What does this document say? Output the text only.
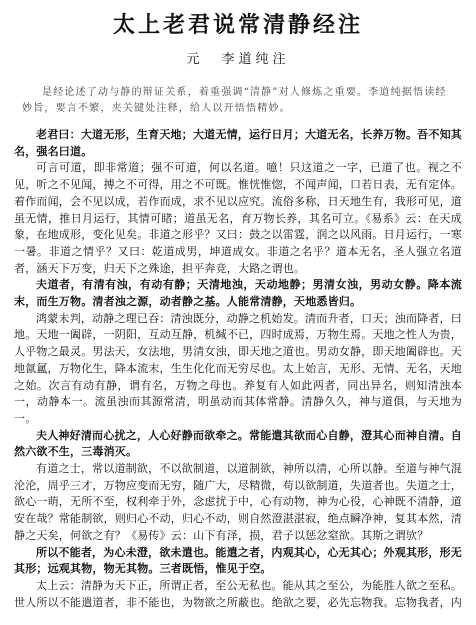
太上老君说常清静经注
元 李道纯注

是经论述了动与静的辩证关系，着重强调“清静”对人修炼之重要。李道纯据悟读经妙旨，要言不繁，夹关键处注释，给人以开悟悟精妙。

老君曰：大道无形，生育天地；大道无情，运行日月；大道无名，长养万物。吾不知其名，强名曰道。

可言可道，即非常道；强不可道，何以名道。噫！只这道之一字，已道了也。视之不见，听之不见闻，搏之不可得，用之不可既。惟恍惟惚，不闻声闻，口若日表，无有定体。着作而闻，会不见以成，若作而成，求不见以应究。流俗多称，日天地生有，我形可见，道虽无情，推日月运行，其情可睹；道虽无名，育万物长养，其名可立。《易系》云：在天成象，在地成形，变化见矣。非道之形乎？又曰：鼓之以雷霆，润之以风雨。日月运行，一寒一暑。非道之情乎？又曰：乾道成男，坤道成女。非道之名乎？道本无名，圣人强立名道者，涵天下万变，归天下之殊途，担平奔竞，大路之谓也。

夫道者，有清有浊，有动有静；天清地浊，天动地静；男清女浊，男动女静。降本流末，而生万物。清者浊之源，动者静之基。人能常清静，天地悉皆归。

鸿蒙未判，动静之理已吞：清浊既分，动静之机始发。清而升者，口天；浊而降者，曰地。天地一阖辟，一阴阳，互动互静，机缄不已，四时成焉，万物生焉。天地之性人为贵，人乎物之最灵。男法天，女法地，男清女浊，即天地之道也。男动女静，即天地阖辟也。天地氤氲，万物化生，降本流末，生生化化而无穷尽也。太上始言，无形、无情、无名，天地之始。次言有动有静，谓有名，万物之母也。养复有人如此两者，同出异名，则知清浊本一，动静本一。流虽浊而其源常清，明虽动而其体常静。清静久久，神与道俱，与天地为一。

夫人神好清而心扰之，人心好静而欲牵之。常能遣其欲而心自静，澄其心而神自清。自然六欲不生，三毒消灭。

有道之士，常以道制欲，不以欲制道，以道制欲，神所以清，心所以静。至道与神气混沦沦，周乎三才，万物应变而无穷，随广大，尽精微，苟以欲制道，失道者也。失道之士，欲心一萌，无所不至，权利牵于外，念虑扰于中，心有动物，神为心役，心神既不清静，道安在哉？常能制欲，则归心不动，归心不动，则自然澄湛湛寂，绝点瞬净神，复其本然，清静之天矣，何欲之有？《易传》云：山下有泽，损，君子以惩忿窒欲。其斯之谓欤？

所以不能者，为心未澄，欲未遣也。能遣之者，内观其心，心无其心；外观其形，形无其形；远观其物，物无其物。三者既悟，惟见于空。

太上云：清静为天下正，所谓正者，至公无私也。能从其之至公，为能胜人欲之至私。世人所以不能遣道者，非不能也，为物欲之所蔽也。绝欲之要，必先忘物我。忘物我者，内
